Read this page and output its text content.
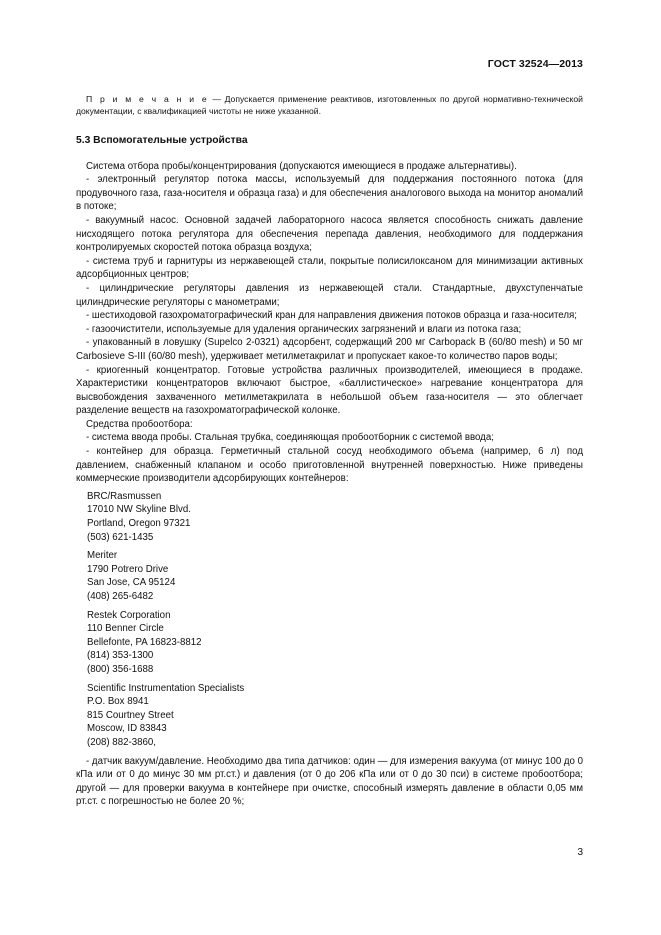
ГОСТ 32524—2013

П р и м е ч а н и е — Допускается применение реактивов, изготовленных по другой нормативно-технической документации, с квалификацией чистоты не ниже указанной.

5.3 Вспомогательные устройства

Система отбора пробы/концентрирования (допускаются имеющиеся в продаже альтернативы).

- электронный регулятор потока массы, используемый для поддержания постоянного потока (для продувочного газа, газа-носителя и образца газа) и для обеспечения аналогового выхода на монитор аномалий в потоке;

- вакуумный насос. Основной задачей лабораторного насоса является способность снижать давление нисходящего потока регулятора для обеспечения перепада давления, необходимого для поддержания контролируемых скоростей потока образца воздуха;

- система труб и гарнитуры из нержавеющей стали, покрытые полисилоксаном для минимизации активных адсорбционных центров;

- цилиндрические регуляторы давления из нержавеющей стали. Стандартные, двухступенчатые цилиндрические регуляторы с манометрами;

- шестиходовой газохроматографический кран для направления движения потоков образца и газа-носителя;

- газоочистители, используемые для удаления органических загрязнений и влаги из потока газа;

- упакованный в ловушку (Supelco 2-0321) адсорбент, содержащий 200 мг Carbopack B (60/80 mesh) и 50 мг Carbosieve S-III (60/80 mesh), удерживает метилметакрилат и пропускает какое-то количество паров воды;

- криогенный концентратор. Готовые устройства различных производителей, имеющиеся в продаже. Характеристики концентраторов включают быстрое, «баллистическое» нагревание концентратора для высвобождения захваченного метилметакрилата в небольшой объем газа-носителя — это облегчает разделение веществ на газохроматографической колонке.

Средства пробоотбора:

- система ввода пробы. Стальная трубка, соединяющая пробоотборник с системой ввода;

- контейнер для образца. Герметичный стальной сосуд необходимого объема (например, 6 л) под давлением, снабженный клапаном и особо приготовленной внутренней поверхностью. Ниже приведены коммерческие производители адсорбирующих контейнеров:

BRC/Rasmussen
17010 NW Skyline Blvd.
Portland, Oregon 97321
(503) 621-1435
Meriter
1790 Potrero Drive
San Jose, CA 95124
(408) 265-6482
Restek Corporation
110 Benner Circle
Bellefonte, PA 16823-8812
(814) 353-1300
(800) 356-1688
Scientific Instrumentation Specialists
P.O. Box 8941
815 Courtney Street
Moscow, ID 83843
(208) 882-3860,

- датчик вакуум/давление. Необходимо два типа датчиков: один — для измерения вакуума (от минус 100 до 0 кПа или от 0 до минус 30 мм рт.ст.) и давления (от 0 до 206 кПа или от 0 до 30 пси) в системе пробоотбора; другой — для проверки вакуума в контейнере при очистке, способный измерять давление в области 0,05 мм рт.ст. с погрешностью не более 20 %;

3
